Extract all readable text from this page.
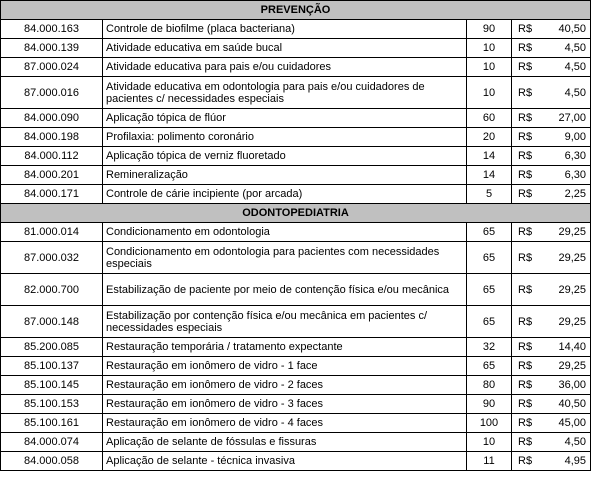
PREVENÇÃO				
84.000.163	Controle de biofilme (placa bacteriana)	90	R$	40,50
84.000.139	Atividade educativa em saúde bucal	10	R$	4,50
87.000.024	Atividade educativa para pais e/ou cuidadores	10	R$	4,50
87.000.016	Atividade educativa em odontologia para pais e/ou cuidadores de pacientes c/ necessidades especiais	10	R$	4,50
84.000.090	Aplicação tópica de flúor	60	R$	27,00
84.000.198	Profilaxia: polimento coronário	20	R$	9,00
84.000.112	Aplicação tópica de verniz fluoretado	14	R$	6,30
84.000.201	Remineralização	14	R$	6,30
84.000.171	Controle de cárie incipiente (por arcada)	5	R$	2,25
ODONTOPEDIATRIA				
81.000.014	Condicionamento em odontologia	65	R$	29,25
87.000.032	Condicionamento em odontologia para pacientes com necessidades especiais	65	R$	29,25
82.000.700	Estabilização de paciente por meio de contenção física e/ou mecânica	65	R$	29,25
87.000.148	Estabilização por contenção física e/ou mecânica em pacientes c/ necessidades especiais	65	R$	29,25
85.200.085	Restauração temporária / tratamento expectante	32	R$	14,40
85.100.137	Restauração em ionômero de vidro - 1 face	65	R$	29,25
85.100.145	Restauração em ionômero de vidro - 2 faces	80	R$	36,00
85.100.153	Restauração em ionômero de vidro - 3 faces	90	R$	40,50
85.100.161	Restauração em ionômero de vidro - 4 faces	100	R$	45,00
84.000.074	Aplicação de selante de fóssulas e fissuras	10	R$	4,50
84.000.058	Aplicação de selante - técnica invasiva	11	R$	4,95
